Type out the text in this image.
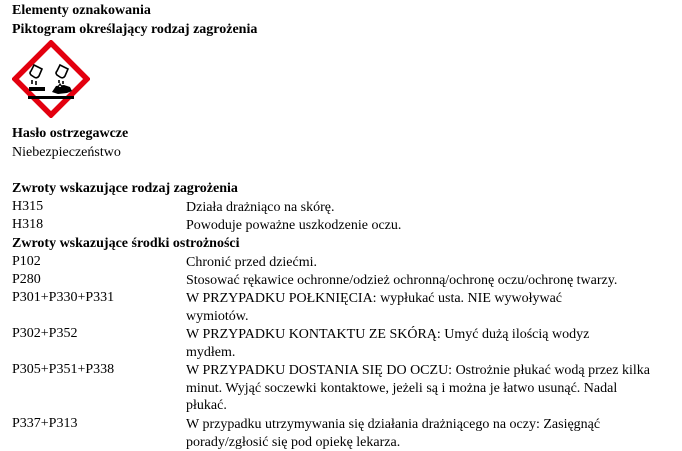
Elementy oznakowania
Piktogram określający rodzaj zagrożenia
Hasło ostrzegawcze
Niebezpieczeństwo
Zwroty wskazujące rodzaj zagrożenia
H315	Działa drażniąco na skórę.
H318	Powoduje poważne uszkodzenie oczu.
Zwroty wskazujące środki ostrożności
P102	Chronić przed dziećmi.
P280	Stosować rękawice ochronne/odzież ochronną/ochronę oczu/ochronę twarzy.
P301+P330+P331	W PRZYPADKU POŁKNIĘCIA: wypłukać usta. NIE wywoływać wymiotów.
P302+P352	W PRZYPADKU KONTAKTU ZE SKÓRĄ: Umyć dużą ilością wodyz mydłem.
P305+P351+P338	W PRZYPADKU DOSTANIA SIĘ DO OCZU: Ostrożnie płukać wodą przez kilka minut. Wyjąć soczewki kontaktowe, jeżeli są i można je łatwo usunąć. Nadal płukać.
P337+P313	W przypadku utrzymywania się działania drażniącego na oczy: Zasięgnąć porady/zgłosić się pod opiekę lekarza.
